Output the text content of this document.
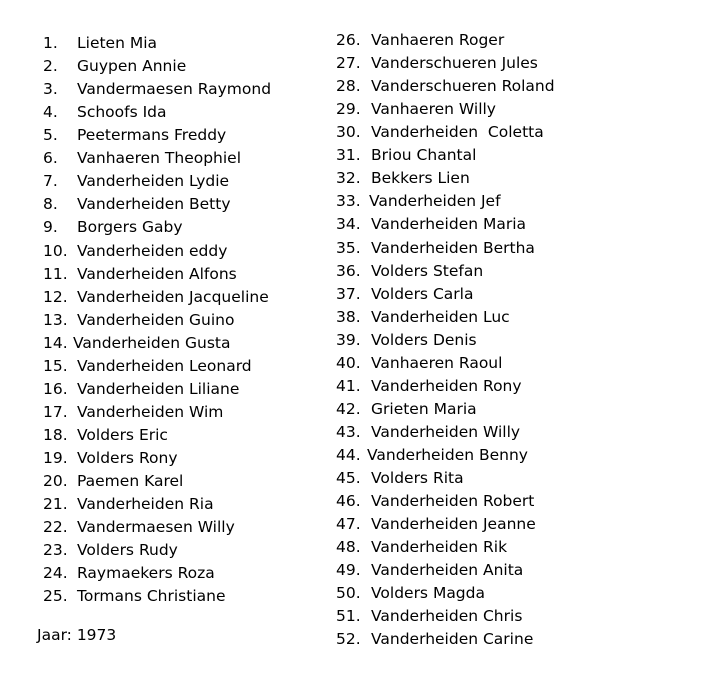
1. Lieten Mia
2. Guypen Annie
3. Vandermaesen Raymond
4. Schoofs Ida
5. Peetermans Freddy
6. Vanhaeren Theophiel
7. Vanderheiden Lydie
8. Vanderheiden Betty
9. Borgers Gaby
10. Vanderheiden eddy
11. Vanderheiden Alfons
12. Vanderheiden Jacqueline
13. Vanderheiden Guino
14. Vanderheiden Gusta
15. Vanderheiden Leonard
16. Vanderheiden Liliane
17. Vanderheiden Wim
18. Volders Eric
19. Volders Rony
20. Paemen Karel
21. Vanderheiden Ria
22. Vandermaesen Willy
23. Volders Rudy
24. Raymaekers Roza
25. Tormans Christiane
26. Vanhaeren Roger
27. Vanderschueren Jules
28. Vanderschueren Roland
29. Vanhaeren Willy
30. Vanderheiden  Coletta
31. Briou Chantal
32. Bekkers Lien
33. Vanderheiden Jef
34. Vanderheiden Maria
35. Vanderheiden Bertha
36. Volders Stefan
37. Volders Carla
38. Vanderheiden Luc
39. Volders Denis
40. Vanhaeren Raoul
41. Vanderheiden Rony
42. Grieten Maria
43. Vanderheiden Willy
44. Vanderheiden Benny
45. Volders Rita
46. Vanderheiden Robert
47. Vanderheiden Jeanne
48. Vanderheiden Rik
49. Vanderheiden Anita
50. Volders Magda
51. Vanderheiden Chris
52. Vanderheiden Carine
Jaar: 1973
